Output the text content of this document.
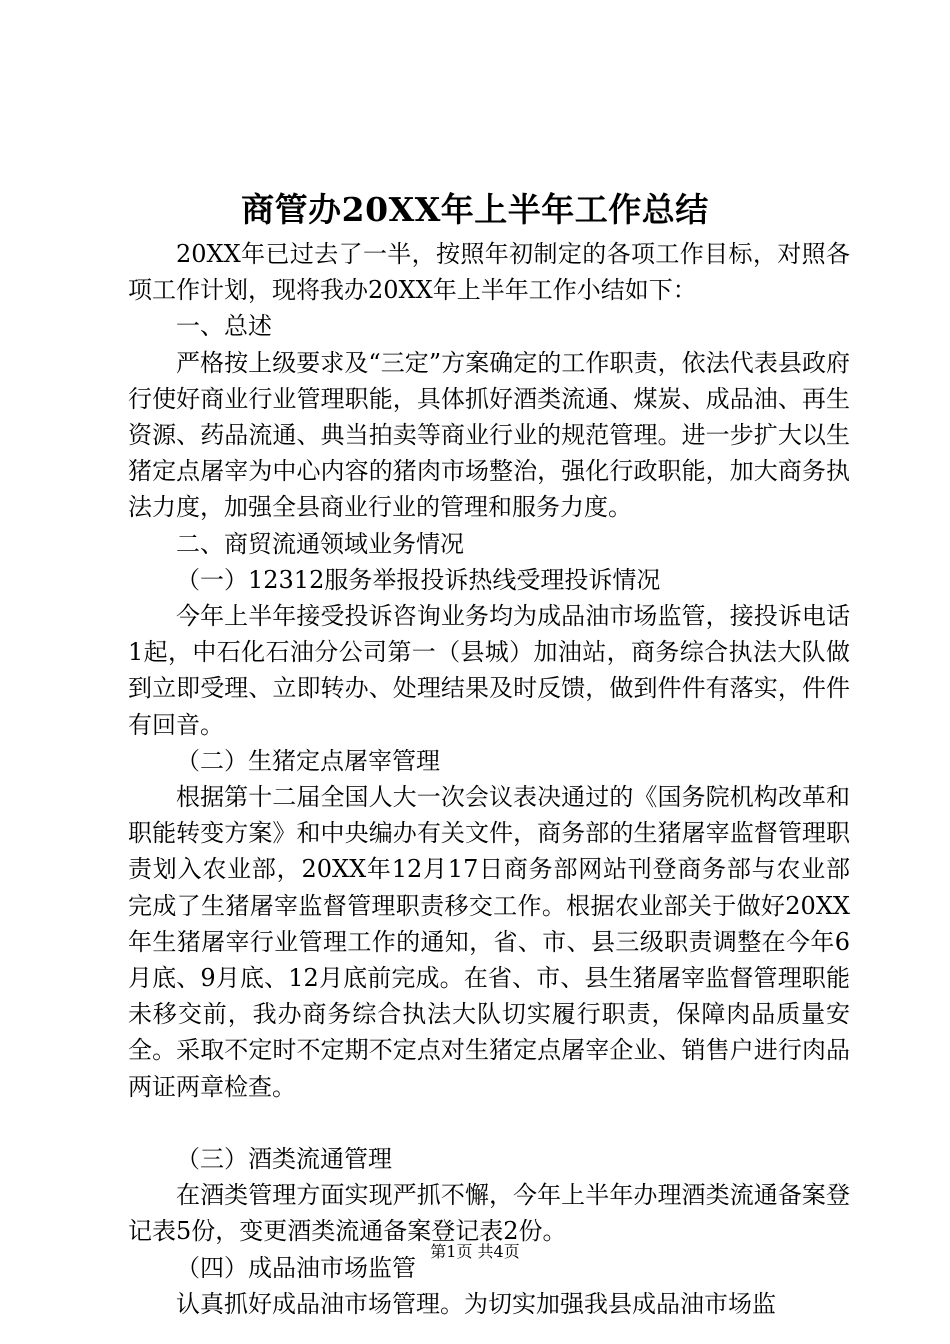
商管办20XX年上半年工作总结

20XX年已过去了一半，按照年初制定的各项工作目标，对照各项工作计划，现将我办20XX年上半年工作小结如下：

一、总述

严格按上级要求及“三定”方案确定的工作职责，依法代表县政府行使好商业行业管理职能，具体抓好酒类流通、煤炭、成品油、再生资源、药品流通、典当拍卖等商业行业的规范管理。进一步扩大以生猪定点屠宰为中心内容的猪肉市场整治，强化行政职能，加大商务执法力度，加强全县商业行业的管理和服务力度。

二、商贸流通领域业务情况

（一）12312服务举报投诉热线受理投诉情况

今年上半年接受投诉咨询业务均为成品油市场监管，接投诉电话1起，中石化石油分公司第一（县城）加油站，商务综合执法大队做到立即受理、立即转办、处理结果及时反馈，做到件件有落实，件件有回音。

（二）生猪定点屠宰管理

根据第十二届全国人大一次会议表决通过的《国务院机构改革和职能转变方案》和中央编办有关文件，商务部的生猪屠宰监督管理职责划入农业部，20XX年12月17日商务部网站刊登商务部与农业部完成了生猪屠宰监督管理职责移交工作。根据农业部关于做好20XX年生猪屠宰行业管理工作的通知，省、市、县三级职责调整在今年6月底、9月底、12月底前完成。在省、市、县生猪屠宰监督管理职能未移交前，我办商务综合执法大队切实履行职责，保障肉品质量安全。采取不定时不定期不定点对生猪定点屠宰企业、销售户进行肉品两证两章检查。

（三）酒类流通管理

在酒类管理方面实现严抓不懈，今年上半年办理酒类流通备案登记表5份，变更酒类流通备案登记表2份。

（四）成品油市场监管

认真抓好成品油市场管理。为切实加强我县成品油市场监

第1页 共4页
